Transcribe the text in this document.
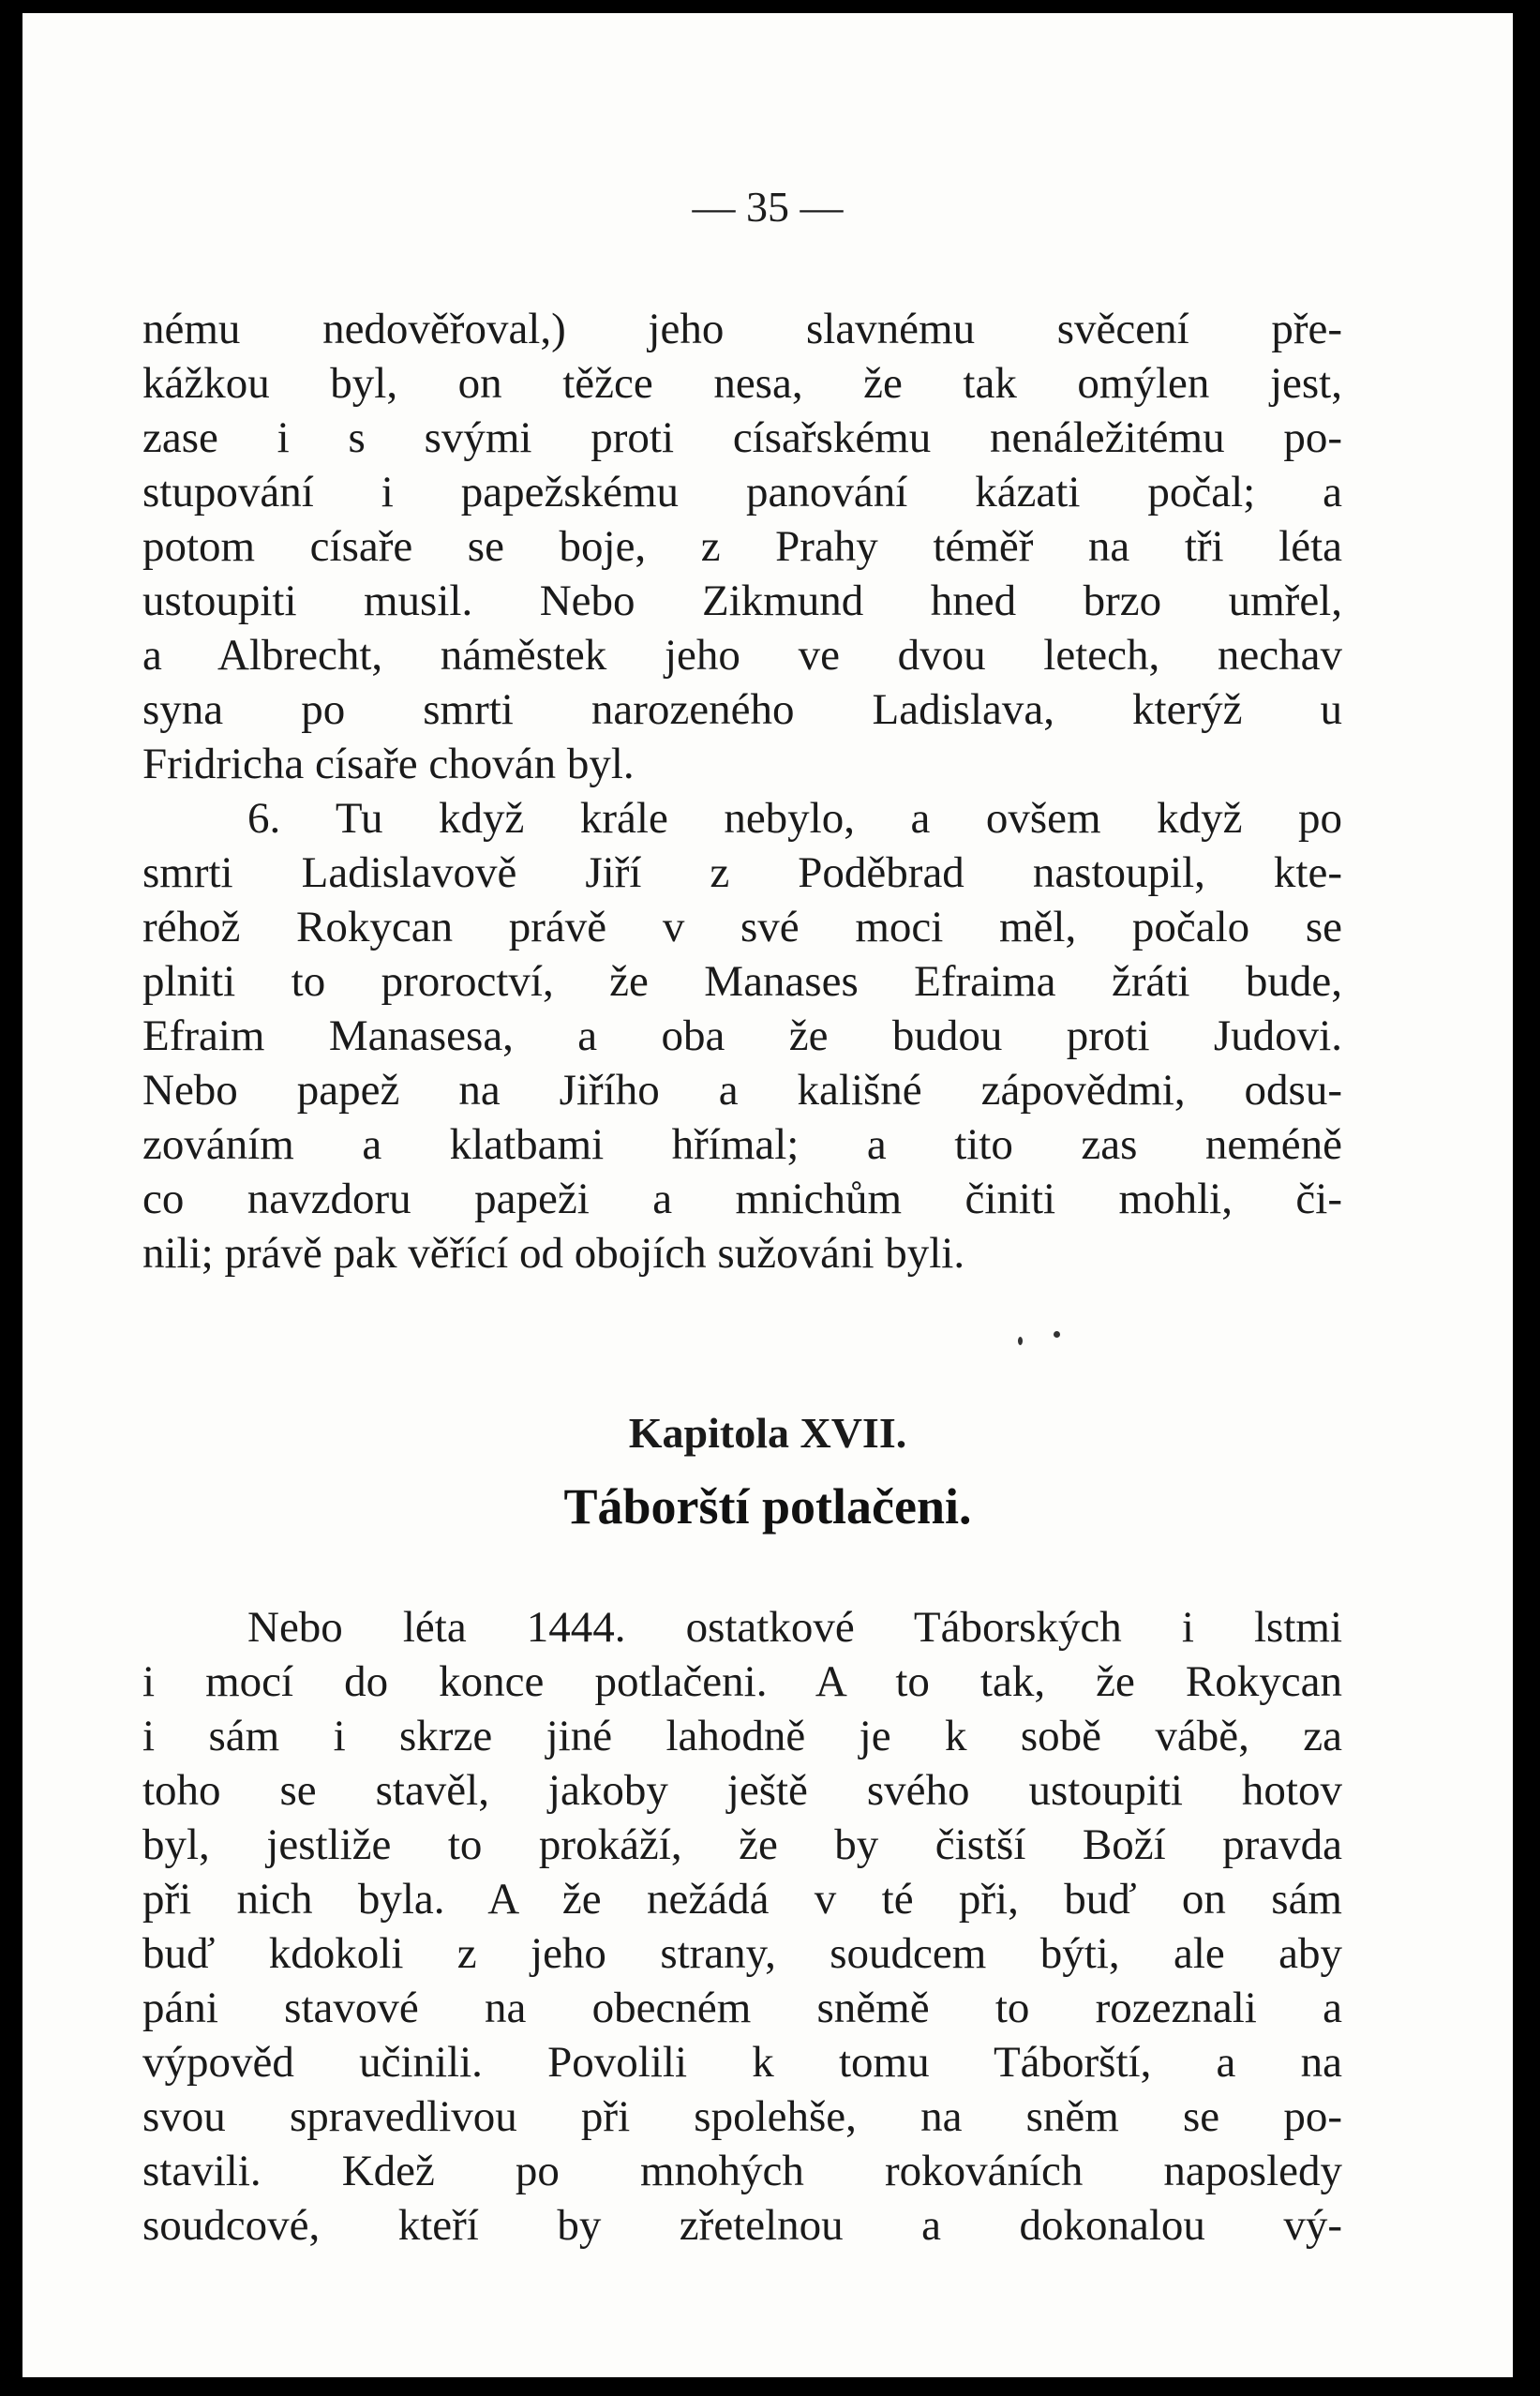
— 35 —
nému nedověřoval,) jeho slavnému svěcení pře-
kážkou byl, on těžce nesa, že tak omýlen jest,
zase i s svými proti císařskému nenáležitému po-
stupování i papežskému panování kázati počal; a
potom císaře se boje, z Prahy téměř na tři léta
ustoupiti musil. Nebo Zikmund hned brzo umřel,
a Albrecht, náměstek jeho ve dvou letech, nechav
syna po smrti narozeného Ladislava, kterýž u
Fridricha císaře chován byl.
6. Tu když krále nebylo, a ovšem když po
smrti Ladislavově Jiří z Poděbrad nastoupil, kte-
réhož Rokycan právě v své moci měl, počalo se
plniti to proroctví, že Manases Efraima žráti bude,
Efraim Manasesa, a oba že budou proti Judovi.
Nebo papež na Jiřího a kališné zápovědmi, odsu-
zováním a klatbami hřímal; a tito zas neméně
co navzdoru papeži a mnichům činiti mohli, či-
nili; právě pak věřící od obojích sužováni byli.
Kapitola XVII.
Táborští potlačeni.
Nebo léta 1444. ostatkové Táborských i lstmi
i mocí do konce potlačeni. A to tak, že Rokycan
i sám i skrze jiné lahodně je k sobě vábě, za
toho se stavěl, jakoby ještě svého ustoupiti hotov
byl, jestliže to prokáží, že by čistší Boží pravda
při nich byla. A že nežádá v té při, buď on sám
buď kdokoli z jeho strany, soudcem býti, ale aby
páni stavové na obecném sněmě to rozeznali a
výpověd učinili. Povolili k tomu Táborští, a na
svou spravedlivou při spolehše, na sněm se po-
stavili. Kdež po mnohých rokováních naposledy
soudcové, kteří by zřetelnou a dokonalou vý-
